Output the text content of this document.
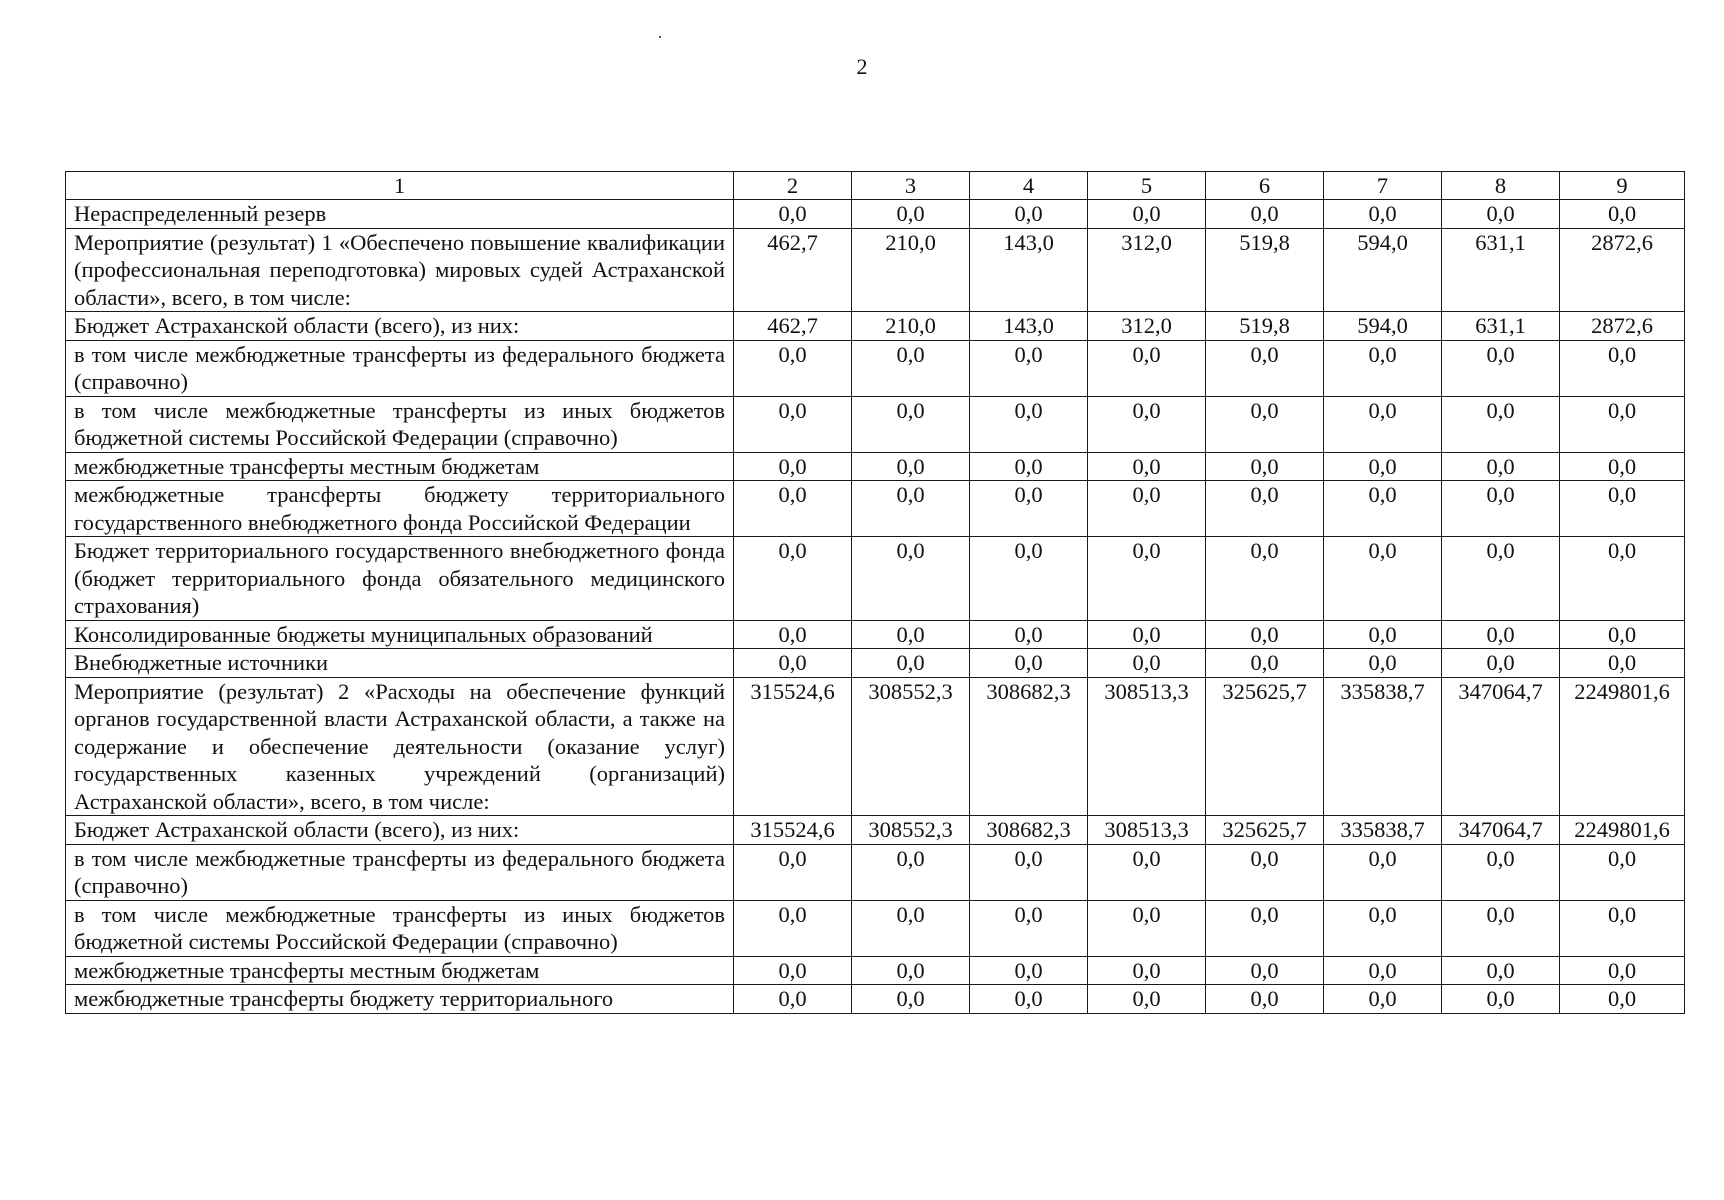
2
1	2	3	4	5	6	7	8	9
Нераспределенный резерв	0,0	0,0	0,0	0,0	0,0	0,0	0,0	0,0
Мероприятие (результат) 1 «Обеспечено повышение квалификации (профессиональная переподготовка) мировых судей Астраханской области», всего, в том числе:	462,7	210,0	143,0	312,0	519,8	594,0	631,1	2872,6
Бюджет Астраханской области (всего), из них:	462,7	210,0	143,0	312,0	519,8	594,0	631,1	2872,6
в том числе межбюджетные трансферты из федерального бюджета (справочно)	0,0	0,0	0,0	0,0	0,0	0,0	0,0	0,0
в том числе межбюджетные трансферты из иных бюджетов бюджетной системы Российской Федерации (справочно)	0,0	0,0	0,0	0,0	0,0	0,0	0,0	0,0
межбюджетные трансферты местным бюджетам	0,0	0,0	0,0	0,0	0,0	0,0	0,0	0,0
межбюджетные трансферты бюджету территориального государственного внебюджетного фонда Российской Федерации	0,0	0,0	0,0	0,0	0,0	0,0	0,0	0,0
Бюджет территориального государственного внебюджетного фонда (бюджет территориального фонда обязательного медицинского страхования)	0,0	0,0	0,0	0,0	0,0	0,0	0,0	0,0
Консолидированные бюджеты муниципальных образований	0,0	0,0	0,0	0,0	0,0	0,0	0,0	0,0
Внебюджетные источники	0,0	0,0	0,0	0,0	0,0	0,0	0,0	0,0
Мероприятие (результат) 2 «Расходы на обеспечение функций органов государственной власти Астраханской области, а также на содержание и обеспечение деятельности (оказание услуг) государственных казенных учреждений (организаций) Астраханской области», всего, в том числе:	315524,6	308552,3	308682,3	308513,3	325625,7	335838,7	347064,7	2249801,6
Бюджет Астраханской области (всего), из них:	315524,6	308552,3	308682,3	308513,3	325625,7	335838,7	347064,7	2249801,6
в том числе межбюджетные трансферты из федерального бюджета (справочно)	0,0	0,0	0,0	0,0	0,0	0,0	0,0	0,0
в том числе межбюджетные трансферты из иных бюджетов бюджетной системы Российской Федерации (справочно)	0,0	0,0	0,0	0,0	0,0	0,0	0,0	0,0
межбюджетные трансферты местным бюджетам	0,0	0,0	0,0	0,0	0,0	0,0	0,0	0,0
межбюджетные трансферты бюджету территориального	0,0	0,0	0,0	0,0	0,0	0,0	0,0	0,0
